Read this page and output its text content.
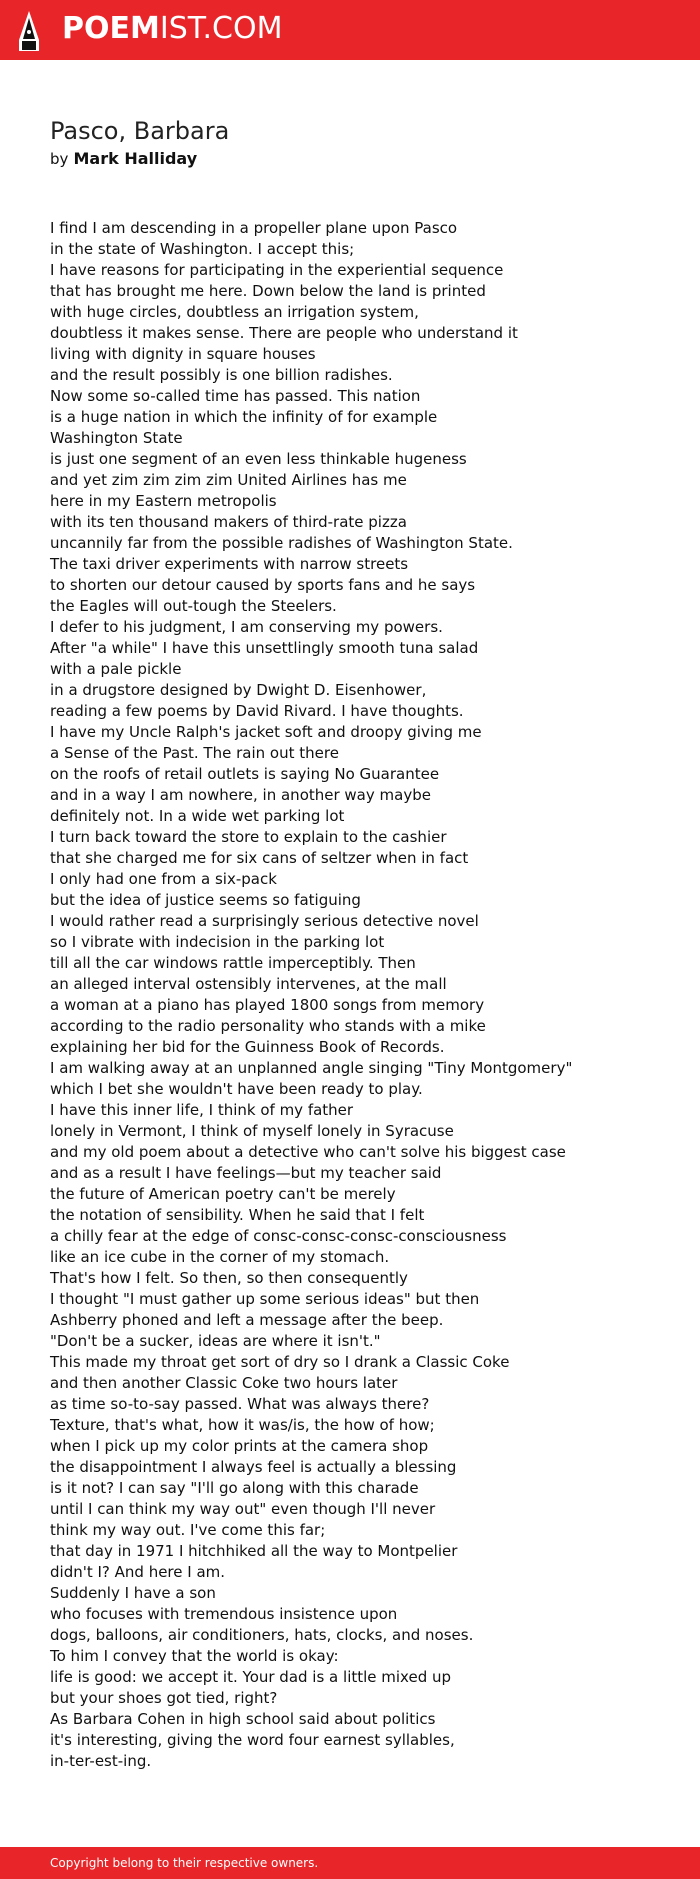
POEMIST.COM
Pasco, Barbara
by Mark Halliday
I find I am descending in a propeller plane upon Pasco
in the state of Washington. I accept this;
I have reasons for participating in the experiential sequence
that has brought me here. Down below the land is printed
with huge circles, doubtless an irrigation system,
doubtless it makes sense. There are people who understand it
living with dignity in square houses
and the result possibly is one billion radishes.
Now some so-called time has passed. This nation
is a huge nation in which the infinity of for example
Washington State
is just one segment of an even less thinkable hugeness
and yet zim zim zim zim United Airlines has me
here in my Eastern metropolis
with its ten thousand makers of third-rate pizza
uncannily far from the possible radishes of Washington State.
The taxi driver experiments with narrow streets
to shorten our detour caused by sports fans and he says
the Eagles will out-tough the Steelers.
I defer to his judgment, I am conserving my powers.
After "a while" I have this unsettlingly smooth tuna salad
with a pale pickle
in a drugstore designed by Dwight D. Eisenhower,
reading a few poems by David Rivard. I have thoughts.
I have my Uncle Ralph's jacket soft and droopy giving me
a Sense of the Past. The rain out there
on the roofs of retail outlets is saying No Guarantee
and in a way I am nowhere, in another way maybe
definitely not. In a wide wet parking lot
I turn back toward the store to explain to the cashier
that she charged me for six cans of seltzer when in fact
I only had one from a six-pack
but the idea of justice seems so fatiguing
I would rather read a surprisingly serious detective novel
so I vibrate with indecision in the parking lot
till all the car windows rattle imperceptibly. Then
an alleged interval ostensibly intervenes, at the mall
a woman at a piano has played 1800 songs from memory
according to the radio personality who stands with a mike
explaining her bid for the Guinness Book of Records.
I am walking away at an unplanned angle singing "Tiny Montgomery"
which I bet she wouldn't have been ready to play.
I have this inner life, I think of my father
lonely in Vermont, I think of myself lonely in Syracuse
and my old poem about a detective who can't solve his biggest case
and as a result I have feelings—but my teacher said
the future of American poetry can't be merely
the notation of sensibility. When he said that I felt
a chilly fear at the edge of consc-consc-consc-consciousness
like an ice cube in the corner of my stomach.
That's how I felt. So then, so then consequently
I thought "I must gather up some serious ideas" but then
Ashberry phoned and left a message after the beep.
"Don't be a sucker, ideas are where it isn't."
This made my throat get sort of dry so I drank a Classic Coke
and then another Classic Coke two hours later
as time so-to-say passed. What was always there?
Texture, that's what, how it was/is, the how of how;
when I pick up my color prints at the camera shop
the disappointment I always feel is actually a blessing
is it not? I can say "I'll go along with this charade
until I can think my way out" even though I'll never
think my way out. I've come this far;
that day in 1971 I hitchhiked all the way to Montpelier
didn't I? And here I am.
Suddenly I have a son
who focuses with tremendous insistence upon
dogs, balloons, air conditioners, hats, clocks, and noses.
To him I convey that the world is okay:
life is good: we accept it. Your dad is a little mixed up
but your shoes got tied, right?
As Barbara Cohen in high school said about politics
it's interesting, giving the word four earnest syllables,
in-ter-est-ing.
Copyright belong to their respective owners.
